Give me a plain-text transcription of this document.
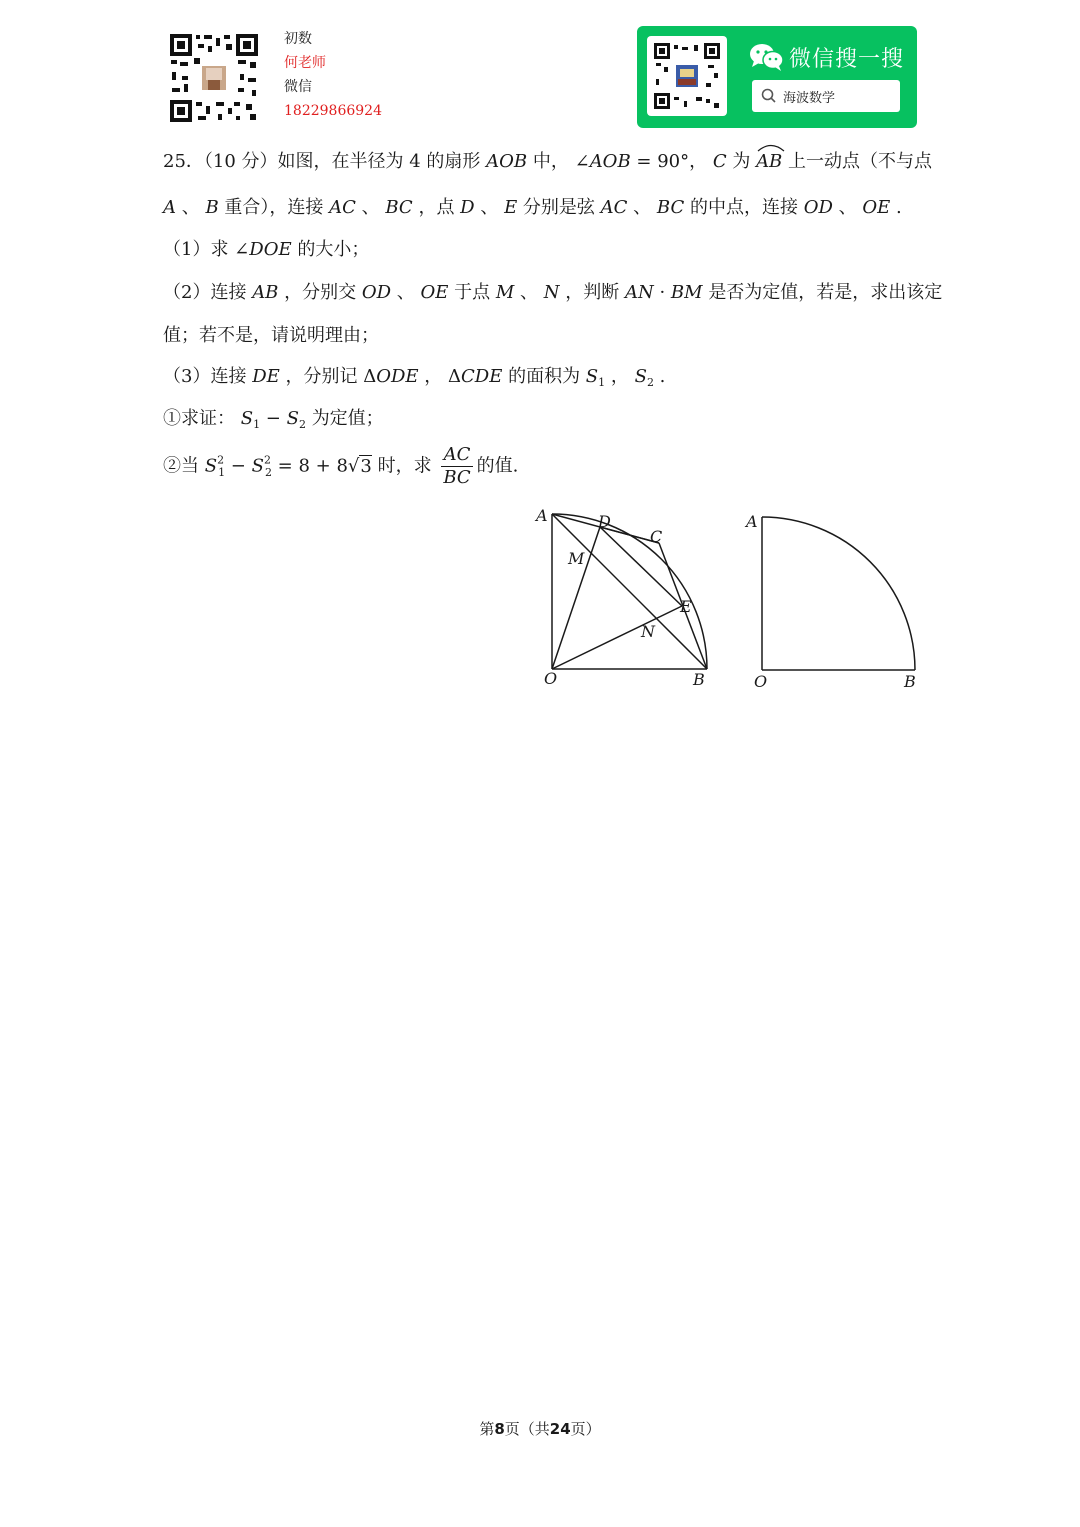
初数
何老师
微信
18229866924
微信搜一搜
海波数学
25．（10 分）如图，在半径为 4 的扇形 AOB 中， ∠AOB = 90°， C 为
AB 上一动点（不与点
A 、 B 重合），连接 AC 、 BC ，点 D 、 E 分别是弦 AC 、 BC 的中点，连接 OD 、 OE .
（1）求 ∠DOE 的大小；
（2）连接 AB ，分别交 OD 、 OE 于点 M 、 N ，判断 AN · BM 是否为定值，若是，求出该定
值；若不是，请说明理由；
（3）连接 DE ，分别记 ΔODE ， ΔCDE 的面积为 $S_1$ ， $S_2$ .
①求证： $S_1 - S_2$ 为定值；
②当 $S^2_1 - S^2_2 = 8 + 8√3$ 时，求 $\frac{AC}{BC}$ 的值.
A	D
C
M
E
N
O	B
A
O	B
第8页（共24页）
